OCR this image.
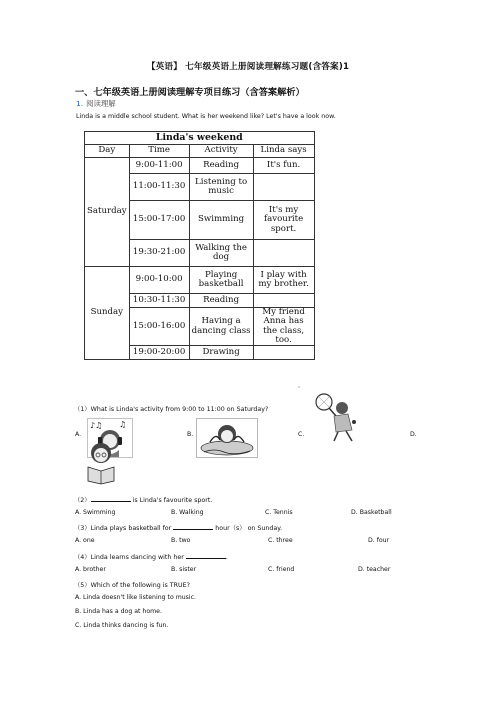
【英语】 七年级英语上册阅读理解练习题(含答案)1
一、七年级英语上册阅读理解专项目练习（含答案解析）
1. 阅读理解
Linda is a middle school student. What is her weekend like? Let's have a look now.
Linda's weekend			
Day	Time	Activity	Linda says
Saturday	9:00-11:00	Reading	It's fun.
	11:00-11:30	Listening to music	
	15:00-17:00	Swimming	It's my favourite sport.
	19:30-21:00	Walking the dog	
Sunday	9:00-10:00	Playing basketball	I play with my brother.
	10:30-11:30	Reading	
	15:00-16:00	Having a dancing class	My friend Anna has the class, too.
	19:00-20:00	Drawing	
。
（1）What is Linda's activity from 9:00 to 11:00 on Saturday?
♪♫ ♫
A.	B.	C.	D.
（2）	is Linda's favourite sport.
A. Swimming	B. Walking	C. Tennis	D. Basketball
（3）Linda plays basketball for	hour（s） on Sunday.
A. one	B. two	C. three	D. four
（4）Linda learns dancing with her	.
A. brother	B. sister	C. friend	D. teacher
（5）Which of the following is TRUE?
A. Linda doesn't like listening to music.
B. Linda has a dog at home.
C. Linda thinks dancing is fun.
